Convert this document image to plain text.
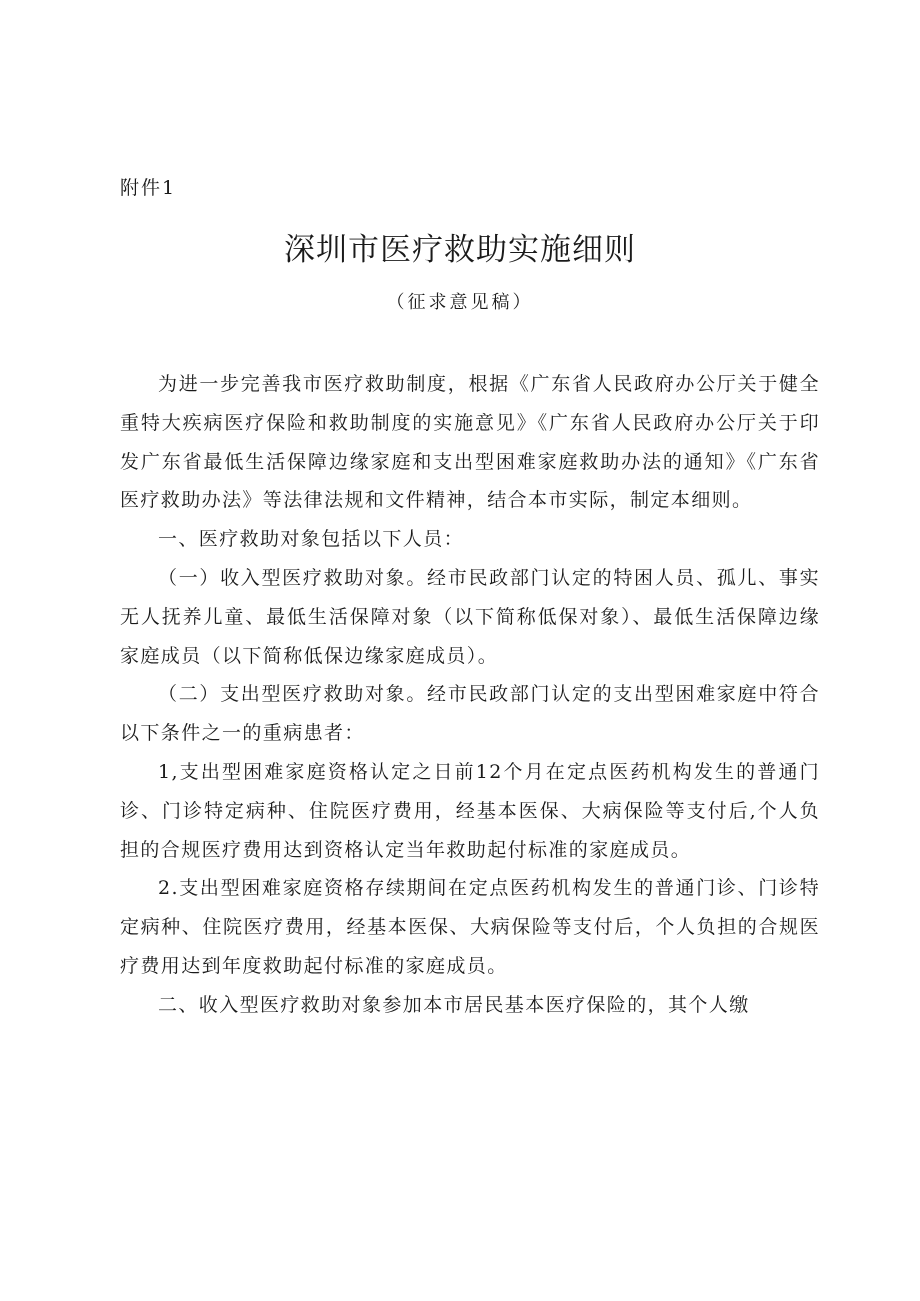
附件1
深圳市医疗救助实施细则
（征求意见稿）

为进一步完善我市医疗救助制度，根据《广东省人民政府办公厅关于健全重特大疾病医疗保险和救助制度的实施意见》《广东省人民政府办公厅关于印发广东省最低生活保障边缘家庭和支出型困难家庭救助办法的通知》《广东省医疗救助办法》等法律法规和文件精神，结合本市实际，制定本细则。

一、医疗救助对象包括以下人员：

（一）收入型医疗救助对象。经市民政部门认定的特困人员、孤儿、事实无人抚养儿童、最低生活保障对象（以下简称低保对象）、最低生活保障边缘家庭成员（以下简称低保边缘家庭成员）。

（二）支出型医疗救助对象。经市民政部门认定的支出型困难家庭中符合以下条件之一的重病患者：

1,支出型困难家庭资格认定之日前12个月在定点医药机构发生的普通门诊、门诊特定病种、住院医疗费用，经基本医保、大病保险等支付后,个人负担的合规医疗费用达到资格认定当年救助起付标准的家庭成员。

2.支出型困难家庭资格存续期间在定点医药机构发生的普通门诊、门诊特定病种、住院医疗费用，经基本医保、大病保险等支付后，个人负担的合规医疗费用达到年度救助起付标准的家庭成员。

二、收入型医疗救助对象参加本市居民基本医疗保险的，其个人缴
